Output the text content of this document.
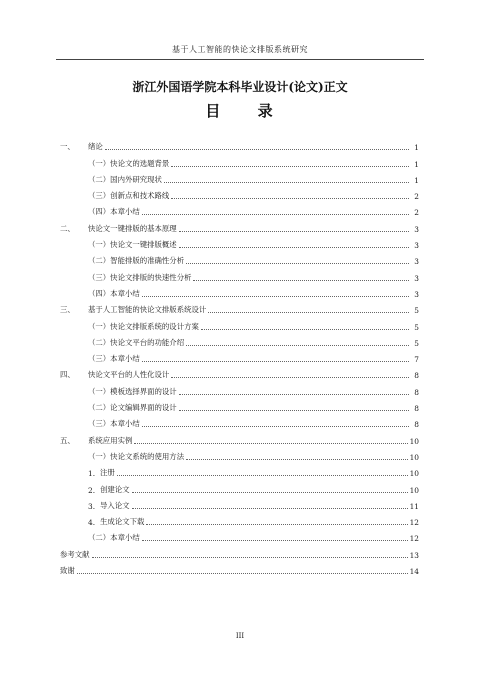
基于人工智能的快论文排版系统研究
浙江外国语学院本科毕业设计(论文)正文
目 录
一、	绪论	1
（一）快论文的选题背景	1
（二）国内外研究现状	1
（三）创新点和技术路线	2
（四）本章小结	2
二、	快论文一键排版的基本原理	3
（一）快论文一键排版概述	3
（二）智能排版的准确性分析	3
（三）快论文排版的快速性分析	3
（四）本章小结	3
三、	基于人工智能的快论文排版系统设计	5
（一）快论文排版系统的设计方案	5
（二）快论文平台的功能介绍	5
（三）本章小结	7
四、	快论文平台的人性化设计	8
（一）模板选择界面的设计	8
（二）论文编辑界面的设计	8
（三）本章小结	8
五、	系统应用实例	10
（一）快论文系统的使用方法	10
1. 注册	10
2. 创建论文	10
3. 导入论文	11
4. 生成论文下载	12
（二）本章小结	12
参考文献	13
致谢	14
III
